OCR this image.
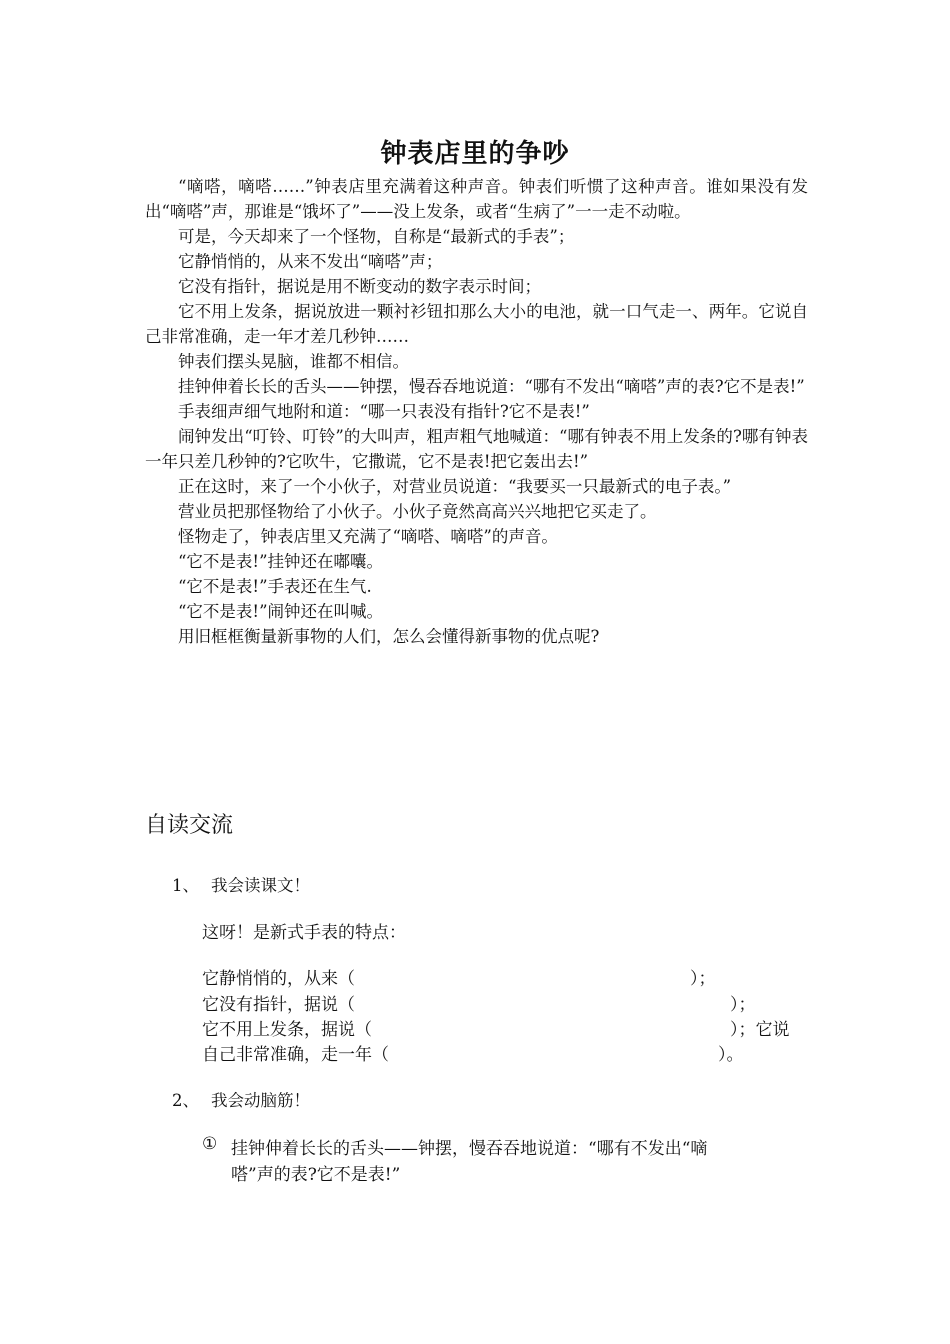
钟表店里的争吵

“嘀嗒，嘀嗒……”钟表店里充满着这种声音。钟表们听惯了这种声音。谁如果没有发出“嘀嗒”声，那谁是“饿坏了”——没上发条，或者“生病了”一一走不动啦。

可是，今天却来了一个怪物，自称是“最新式的手表”；

它静悄悄的，从来不发出“嘀嗒”声；

它没有指针，据说是用不断变动的数字表示时间；

它不用上发条，据说放进一颗衬衫钮扣那么大小的电池，就一口气走一、两年。它说自己非常准确，走一年才差几秒钟……

钟表们摆头晃脑，谁都不相信。

挂钟伸着长长的舌头——钟摆，慢吞吞地说道：“哪有不发出“嘀嗒”声的表?它不是表!”

手表细声细气地附和道：“哪一只表没有指针?它不是表!”

闹钟发出“叮铃、叮铃”的大叫声，粗声粗气地喊道：“哪有钟表不用上发条的?哪有钟表一年只差几秒钟的?它吹牛，它撒谎，它不是表!把它轰出去!”

正在这时，来了一个小伙子，对营业员说道：“我要买一只最新式的电子表。”

营业员把那怪物给了小伙子。小伙子竟然高高兴兴地把它买走了。

怪物走了，钟表店里又充满了“嘀嗒、嘀嗒”的声音。

“它不是表!”挂钟还在嘟囔。

“它不是表!”手表还在生气.

“它不是表!”闹钟还在叫喊。

用旧框框衡量新事物的人们，怎么会懂得新事物的优点呢?

自读交流
1、 我会读课文！
这呀！是新式手表的特点：
它静悄悄的，从来（	）；
它没有指针，据说（	）；
它不用上发条，据说（	）；它说
自己非常准确，走一年（	）。
2、 我会动脑筋！
① 挂钟伸着长长的舌头——钟摆，慢吞吞地说道：“哪有不发出“嘀
嗒”声的表?它不是表!”
